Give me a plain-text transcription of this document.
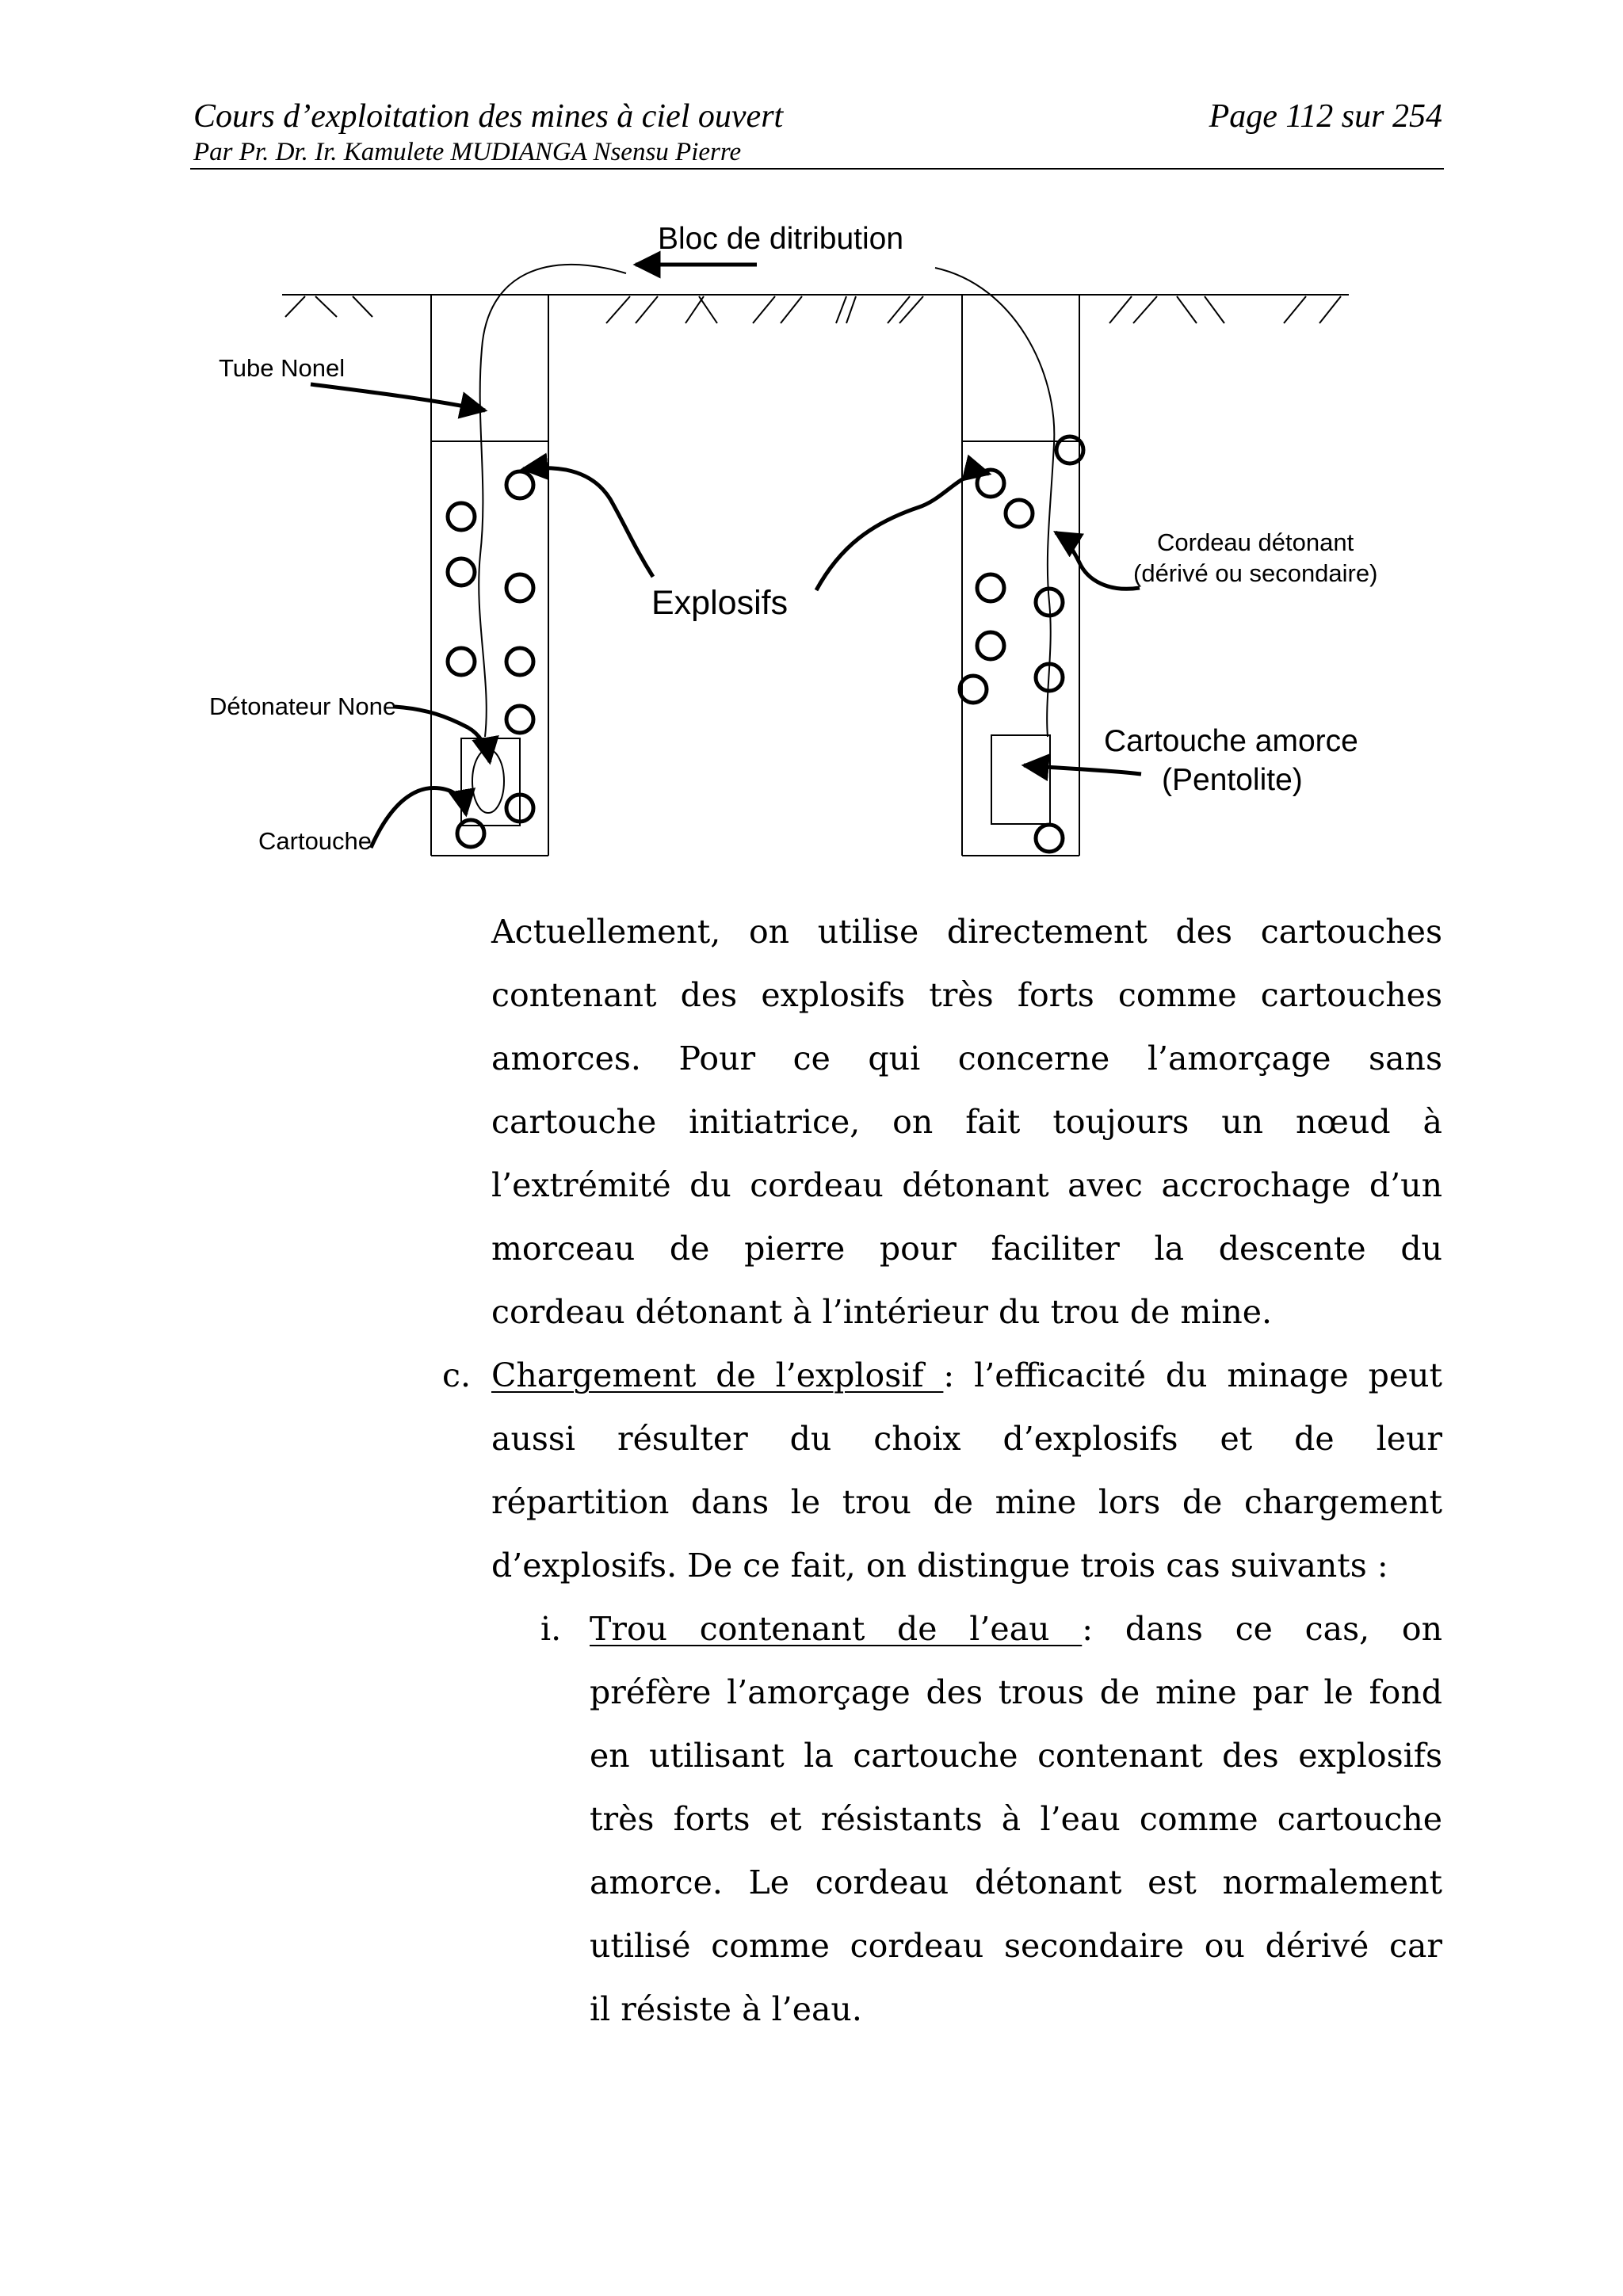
Cours d’exploitation des mines à ciel ouvert
Par Pr. Dr. Ir. Kamulete MUDIANGA Nsensu Pierre
Page 112 sur 254
Bloc de ditribution
Tube Nonel
Détonateur None
Cartouche
Explosifs
Cordeau détonant
(dérivé ou secondaire)
Cartouche amorce
(Pentolite)
Actuellement, on utilise directement des cartouches
contenant des explosifs très forts comme cartouches
amorces. Pour ce qui concerne l’amorçage sans
cartouche initiatrice, on fait toujours un nœud à
l’extrémité du cordeau détonant avec accrochage d’un
morceau de pierre pour faciliter la descente du
cordeau détonant à l’intérieur du trou de mine.
c. Chargement de l’explosif : l’efficacité du minage peut
aussi résulter du choix d’explosifs et de leur
répartition dans le trou de mine lors de chargement
d’explosifs. De ce fait, on distingue trois cas suivants :
i. Trou contenant de l’eau : dans ce cas, on
préfère l’amorçage des trous de mine par le fond
en utilisant la cartouche contenant des explosifs
très forts et résistants à l’eau comme cartouche
amorce. Le cordeau détonant est normalement
utilisé comme cordeau secondaire ou dérivé car
il résiste à l’eau.
